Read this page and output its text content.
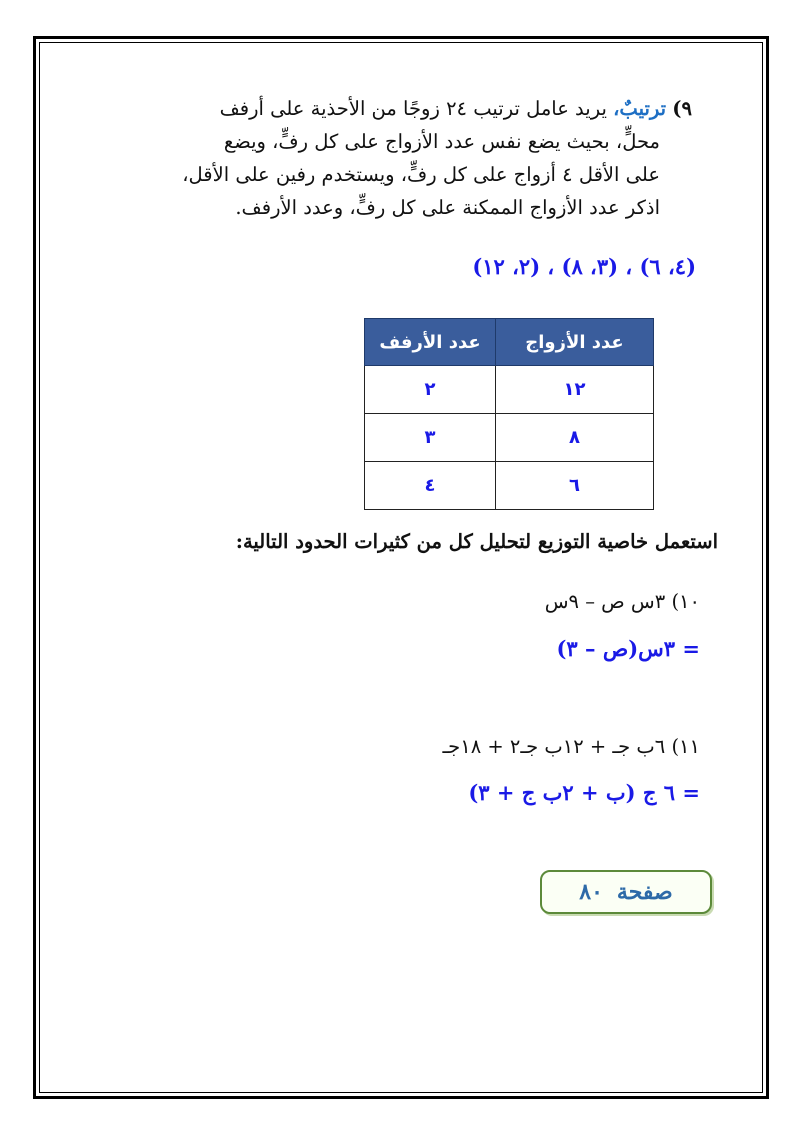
٩) ترتيبٌ، يريد عامل ترتيب ٢٤ زوجًا من الأحذية على أرفف
محلٍّ، بحيث يضع نفس عدد الأزواج على كل رفٍّ، ويضع
على الأقل ٤ أزواج على كل رفٍّ، ويستخدم رفين على الأقل،
اذكر عدد الأزواج الممكنة على كل رفٍّ، وعدد الأرفف.
(٢، ١٢) ، (٣، ٨) ، (٤، ٦)
عدد الأزواج	عدد الأرفف
١٢	٢
٨	٣
٦	٤
استعمل خاصية التوزيع لتحليل كل من كثيرات الحدود التالية:
١٠) ٣س ص – ٩س
= ٣س(ص – ٣)
١١) ٦ب جـ + ١٢ب جـ٢ + ١٨جـ
= ٦ ج (ب + ٢ب ج + ٣)
صفحة
٨٠
